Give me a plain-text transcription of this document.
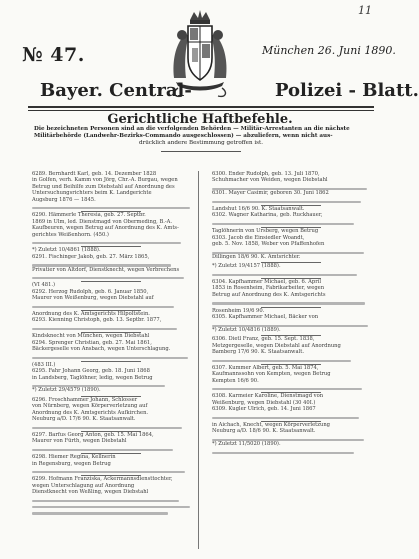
11
№ 47.	München 26. Juni 1890.
Bayer. Central-	Polizei - Blatt.
Gerichtliche Haftbefehle.
Die bezeichneten Personen sind an die verfolgenden Behörden — Militär-Arrestanten an die nächste
Militärbehörde (Landwehr-Bezirks-Commando ausgeschlossen) — abzuliefern, wenn nicht aus-
drücklich andere Bestimmung getroffen ist.
6289. Bernhardt Karl, geb. 14. Dezember 1828
in Golfen, verh. Kamm von Jörg, Chr.-A. Burgau, wegen
Betrug und Beihilfe zum Diebstahl auf Anordnung des
Untersuchungsrichters beim K. Landgerichte
Augsburg 1876 — 1845.
6290. Hämmerle Theresia, geb. 27. Septbr.
1869 in Ulm, led. Dienstmagd von Obermeding, B.-A.
Kaufbeuren, wegen Betrug auf Anordnung des K. Amts-
gerichtes Weißenhorn. (450.)
*) Zuletzt 10/4861 (1888).
6291. Fischinger Jakob, geb. 27. März 1865,
Privatier von Altdorf, Dienstknecht, wegen Verbrechens
(VI 481.)
6292. Herzog Rudolph, geb. 6. Januar 1850,
Maurer von Weißenburg, wegen Diebstahl auf
Anordnung des K. Amtsgerichts Hilpoltstein.
6293. Kienning Christoph, geb. 13. Septbr. 1877,
Kindsknecht von München, wegen Diebstahl
6294. Sprenger Christian, geb. 27. Mai 1861,
Bäckergeselle von Ansbach, wegen Unterschlagung.
(483 III.)
6295. Fahr Johann Georg, geb. 18. Juni 1868
in Landsberg, Taglöhner, ledig, wegen Betrug
*) Zuletzt 29/4579 (1890).
6296. Froschhammer Johann, Schlosser
von Nürnberg, wegen Körperverletzung auf
Anordnung des K. Amtsgerichts Aufkirchen.
Neuburg a/D. 17/6 90. K. Staatsanwalt.
6297. Barfus Georg Anton, geb. 15. Mai 1864,
Maurer von Fürth, wegen Diebstahl
6298. Hiemer Regina, Kellnerin
in Regensburg, wegen Betrug
6299. Hofmann Franziska, Ackermannsdiensttochter,
wegen Unterschlagung auf Anordnung
Dienstknecht von Weßling, wegen Diebstahl
6300. Ender Rudolph, geb. 13. Juli 1870,
Schuhmacher von Weiden, wegen Diebstahl
6301. Mayer Casimir, geboren 30. Juni 1862
Landshut 16/6 90. K. Staatsanwalt.
6302. Wagner Katharina, geb. Ruckhauer,
Taglöhnerin von Ursberg, wegen Betrug
6303. Jacob die Einsiedler Woandt,
geb. 5. Nov. 1858, Weber von Pfaffenhofen
Dillingen 18/6 90. K. Amtsrichter.
*) Zuletzt 19/4157 (1888).
6304. Kapfhammer Michael, geb. 6. April
1853 in Rosenheim, Fabrikarbeiter, wegen
Betrug auf Anordnung des K. Amtsgerichts
Rosenheim 19/6 90.
6305. Kapfhammer Michael, Bäcker von
*) Zuletzt 10/4816 (1889).
6306. Dietl Franz, geb. 15. Sept. 1838,
Metzgergeselle, wegen Diebstahl auf Anordnung
Bamberg 17/6 90. K. Staatsanwalt.
6307. Kummer Albert, geb. 5. Mai 1874,
Kaufmannssohn von Kempten, wegen Betrug
Kempten 16/6 90.
6308. Karmeier Karoline, Dienstmagd von
Weißenburg, wegen Diebstahl (30 40I.)
6309. Kugler Ulrich, geb. 14. Juni 1867
in Aichach, Knecht, wegen Körperverletzung
Neuburg a/D. 18/6 90. K. Staatsanwalt.
*) Zuletzt 11/5020 (1890).
